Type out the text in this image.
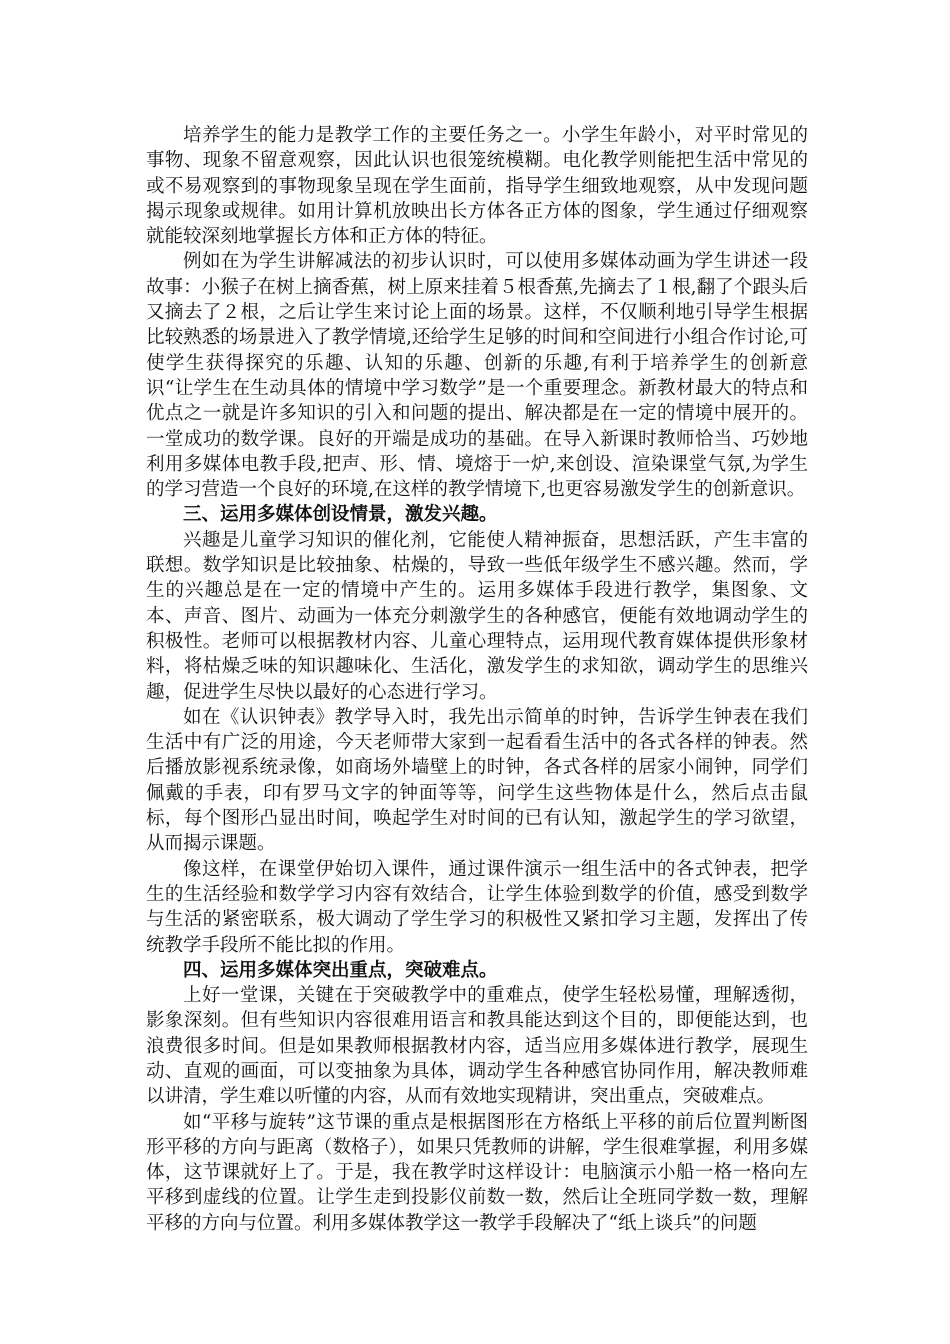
培养学生的能力是教学工作的主要任务之一。小学生年龄小，对平时常见的事物、现象不留意观察，因此认识也很笼统模糊。电化教学则能把生活中常见的或不易观察到的事物现象呈现在学生面前，指导学生细致地观察，从中发现问题揭示现象或规律。如用计算机放映出长方体各正方体的图象，学生通过仔细观察就能较深刻地掌握长方体和正方体的特征。

例如在为学生讲解减法的初步认识时，可以使用多媒体动画为学生讲述一段故事：小猴子在树上摘香蕉，树上原来挂着５根香蕉,先摘去了１根,翻了个跟头后又摘去了２根，之后让学生来讨论上面的场景。这样，不仅顺利地引导学生根据比较熟悉的场景进入了教学情境,还给学生足够的时间和空间进行小组合作讨论,可使学生获得探究的乐趣、认知的乐趣、创新的乐趣,有利于培养学生的创新意识“让学生在生动具体的情境中学习数学”是一个重要理念。新教材最大的特点和优点之一就是许多知识的引入和问题的提出、解决都是在一定的情境中展开的。一堂成功的数学课。良好的开端是成功的基础。在导入新课时教师恰当、巧妙地利用多媒体电教手段,把声、形、情、境熔于一炉,来创设、渲染课堂气氛,为学生的学习营造一个良好的环境,在这样的教学情境下,也更容易激发学生的创新意识。

三、运用多媒体创设情景，激发兴趣。

兴趣是儿童学习知识的催化剂，它能使人精神振奋，思想活跃，产生丰富的联想。数学知识是比较抽象、枯燥的，导致一些低年级学生不感兴趣。然而，学生的兴趣总是在一定的情境中产生的。运用多媒体手段进行教学，集图象、文本、声音、图片、动画为一体充分刺激学生的各种感官，便能有效地调动学生的积极性。老师可以根据教材内容、儿童心理特点，运用现代教育媒体提供形象材料，将枯燥乏味的知识趣味化、生活化，激发学生的求知欲，调动学生的思维兴趣，促进学生尽快以最好的心态进行学习。

如在《认识钟表》教学导入时，我先出示简单的时钟，告诉学生钟表在我们生活中有广泛的用途，今天老师带大家到一起看看生活中的各式各样的钟表。然后播放影视系统录像，如商场外墙壁上的时钟，各式各样的居家小闹钟，同学们佩戴的手表，印有罗马文字的钟面等等，问学生这些物体是什么，然后点击鼠标，每个图形凸显出时间，唤起学生对时间的已有认知，激起学生的学习欲望，从而揭示课题。

像这样，在课堂伊始切入课件，通过课件演示一组生活中的各式钟表，把学生的生活经验和数学学习内容有效结合，让学生体验到数学的价值，感受到数学与生活的紧密联系，极大调动了学生学习的积极性又紧扣学习主题，发挥出了传统教学手段所不能比拟的作用。

四、运用多媒体突出重点，突破难点。

上好一堂课，关键在于突破教学中的重难点，使学生轻松易懂，理解透彻，影象深刻。但有些知识内容很难用语言和教具能达到这个目的，即便能达到，也浪费很多时间。但是如果教师根据教材内容，适当应用多媒体进行教学，展现生动、直观的画面，可以变抽象为具体，调动学生各种感官协同作用，解决教师难以讲清，学生难以听懂的内容，从而有效地实现精讲，突出重点，突破难点。

如“平移与旋转”这节课的重点是根据图形在方格纸上平移的前后位置判断图形平移的方向与距离（数格子），如果只凭教师的讲解，学生很难掌握，利用多媒体，这节课就好上了。于是，我在教学时这样设计：电脑演示小船一格一格向左平移到虚线的位置。让学生走到投影仪前数一数，然后让全班同学数一数，理解平移的方向与位置。利用多媒体教学这一教学手段解决了“纸上谈兵”的问题
